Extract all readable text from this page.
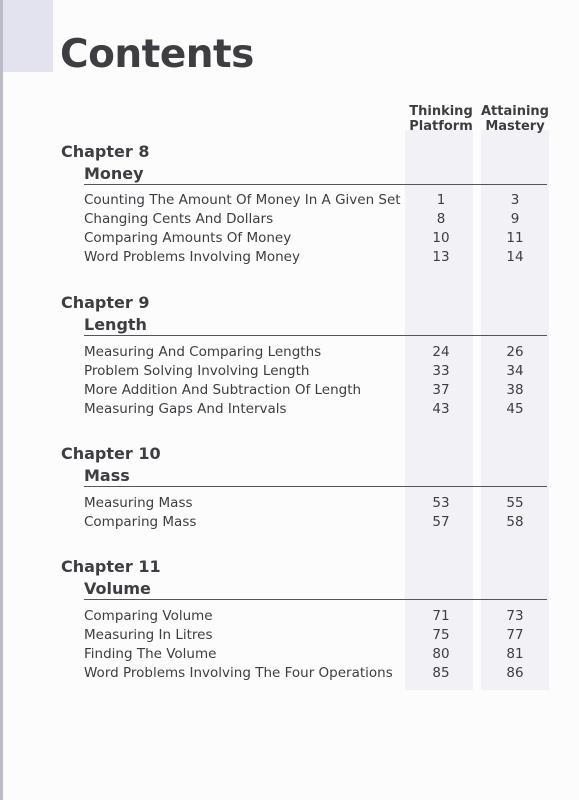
Contents
Thinking
Platform
Attaining
Mastery
Chapter 8
Money
Counting The Amount Of Money In A Given Set	1	3
Changing Cents And Dollars	8	9
Comparing Amounts Of Money	10	11
Word Problems Involving Money	13	14
Chapter 9
Length
Measuring And Comparing Lengths	24	26
Problem Solving Involving Length	33	34
More Addition And Subtraction Of Length	37	38
Measuring Gaps And Intervals	43	45
Chapter 10
Mass
Measuring Mass	53	55
Comparing Mass	57	58
Chapter 11
Volume
Comparing Volume	71	73
Measuring In Litres	75	77
Finding The Volume	80	81
Word Problems Involving The Four Operations	85	86
